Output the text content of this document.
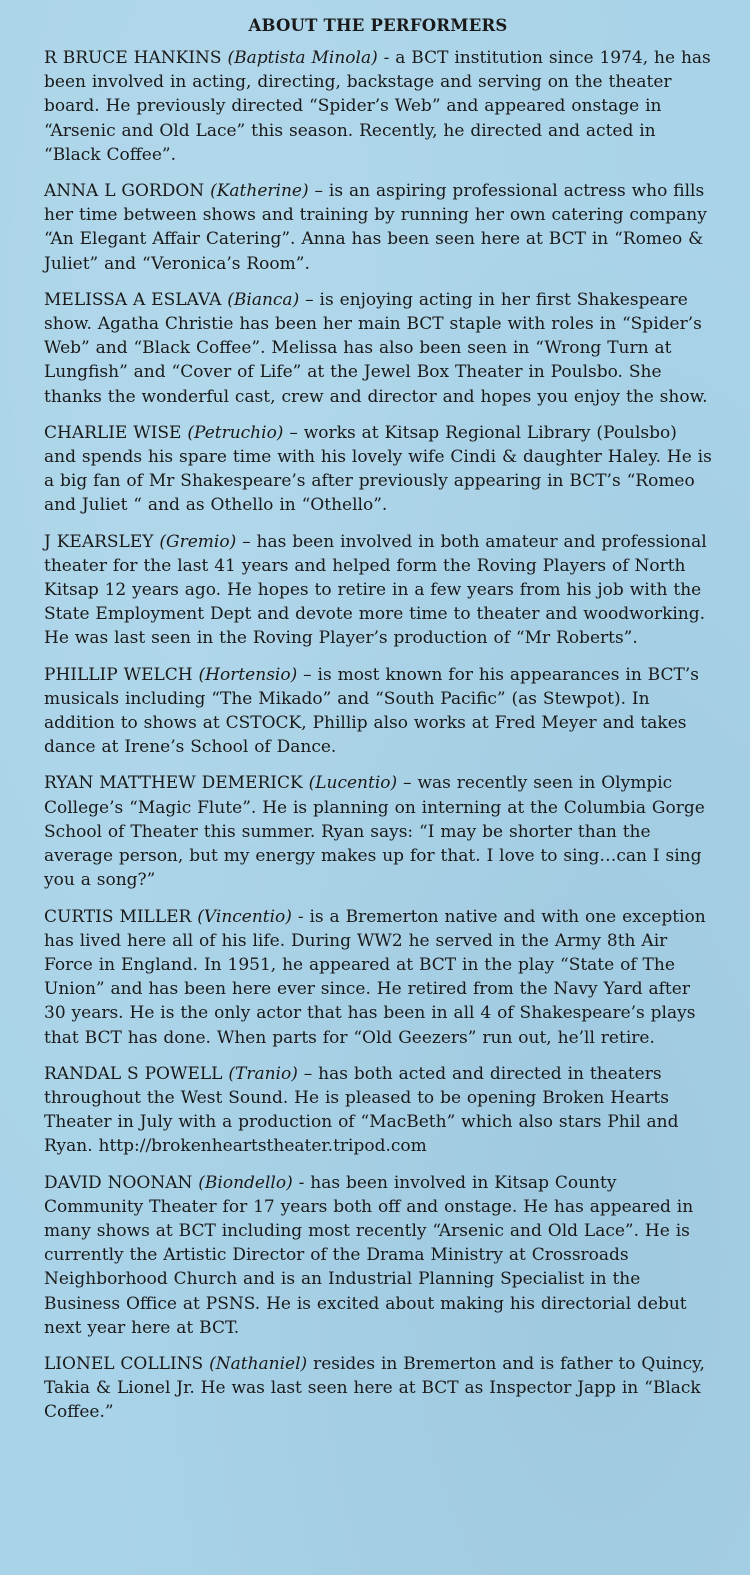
ABOUT THE PERFORMERS
R BRUCE HANKINS (Baptista Minola) - a BCT institution since 1974, he has been involved in acting, directing, backstage and serving on the theater board. He previously directed “Spider’s Web” and appeared onstage in “Arsenic and Old Lace” this season. Recently, he directed and acted in “Black Coffee”.
ANNA L GORDON (Katherine) – is an aspiring professional actress who fills her time between shows and training by running her own catering company “An Elegant Affair Catering”. Anna has been seen here at BCT in “Romeo & Juliet” and “Veronica’s Room”.
MELISSA A ESLAVA (Bianca) – is enjoying acting in her first Shakespeare show. Agatha Christie has been her main BCT staple with roles in “Spider’s Web” and “Black Coffee”. Melissa has also been seen in “Wrong Turn at Lungfish” and “Cover of Life” at the Jewel Box Theater in Poulsbo. She thanks the wonderful cast, crew and director and hopes you enjoy the show.
CHARLIE WISE (Petruchio) – works at Kitsap Regional Library (Poulsbo) and spends his spare time with his lovely wife Cindi & daughter Haley. He is a big fan of Mr Shakespeare’s after previously appearing in BCT’s “Romeo and Juliet “ and as Othello in “Othello”.
J KEARSLEY (Gremio) – has been involved in both amateur and professional theater for the last 41 years and helped form the Roving Players of North Kitsap 12 years ago. He hopes to retire in a few years from his job with the State Employment Dept and devote more time to theater and woodworking. He was last seen in the Roving Player’s production of “Mr Roberts”.
PHILLIP WELCH (Hortensio) – is most known for his appearances in BCT’s musicals including “The Mikado” and “South Pacific” (as Stewpot). In addition to shows at CSTOCK, Phillip also works at Fred Meyer and takes dance at Irene’s School of Dance.
RYAN MATTHEW DEMERICK (Lucentio) – was recently seen in Olympic College’s “Magic Flute”. He is planning on interning at the Columbia Gorge School of Theater this summer. Ryan says: “I may be shorter than the average person, but my energy makes up for that. I love to sing…can I sing you a song?”
CURTIS MILLER (Vincentio) - is a Bremerton native and with one exception has lived here all of his life. During WW2 he served in the Army 8th Air Force in England. In 1951, he appeared at BCT in the play “State of The Union” and has been here ever since. He retired from the Navy Yard after 30 years. He is the only actor that has been in all 4 of Shakespeare’s plays that BCT has done. When parts for “Old Geezers” run out, he’ll retire.
RANDAL S POWELL (Tranio) – has both acted and directed in theaters throughout the West Sound. He is pleased to be opening Broken Hearts Theater in July with a production of “MacBeth” which also stars Phil and Ryan. http://brokenheartstheater.tripod.com
DAVID NOONAN (Biondello) - has been involved in Kitsap County Community Theater for 17 years both off and onstage. He has appeared in many shows at BCT including most recently “Arsenic and Old Lace”. He is currently the Artistic Director of the Drama Ministry at Crossroads Neighborhood Church and is an Industrial Planning Specialist in the Business Office at PSNS. He is excited about making his directorial debut next year here at BCT.
LIONEL COLLINS (Nathaniel) resides in Bremerton and is father to Quincy, Takia & Lionel Jr. He was last seen here at BCT as Inspector Japp in “Black Coffee.”
